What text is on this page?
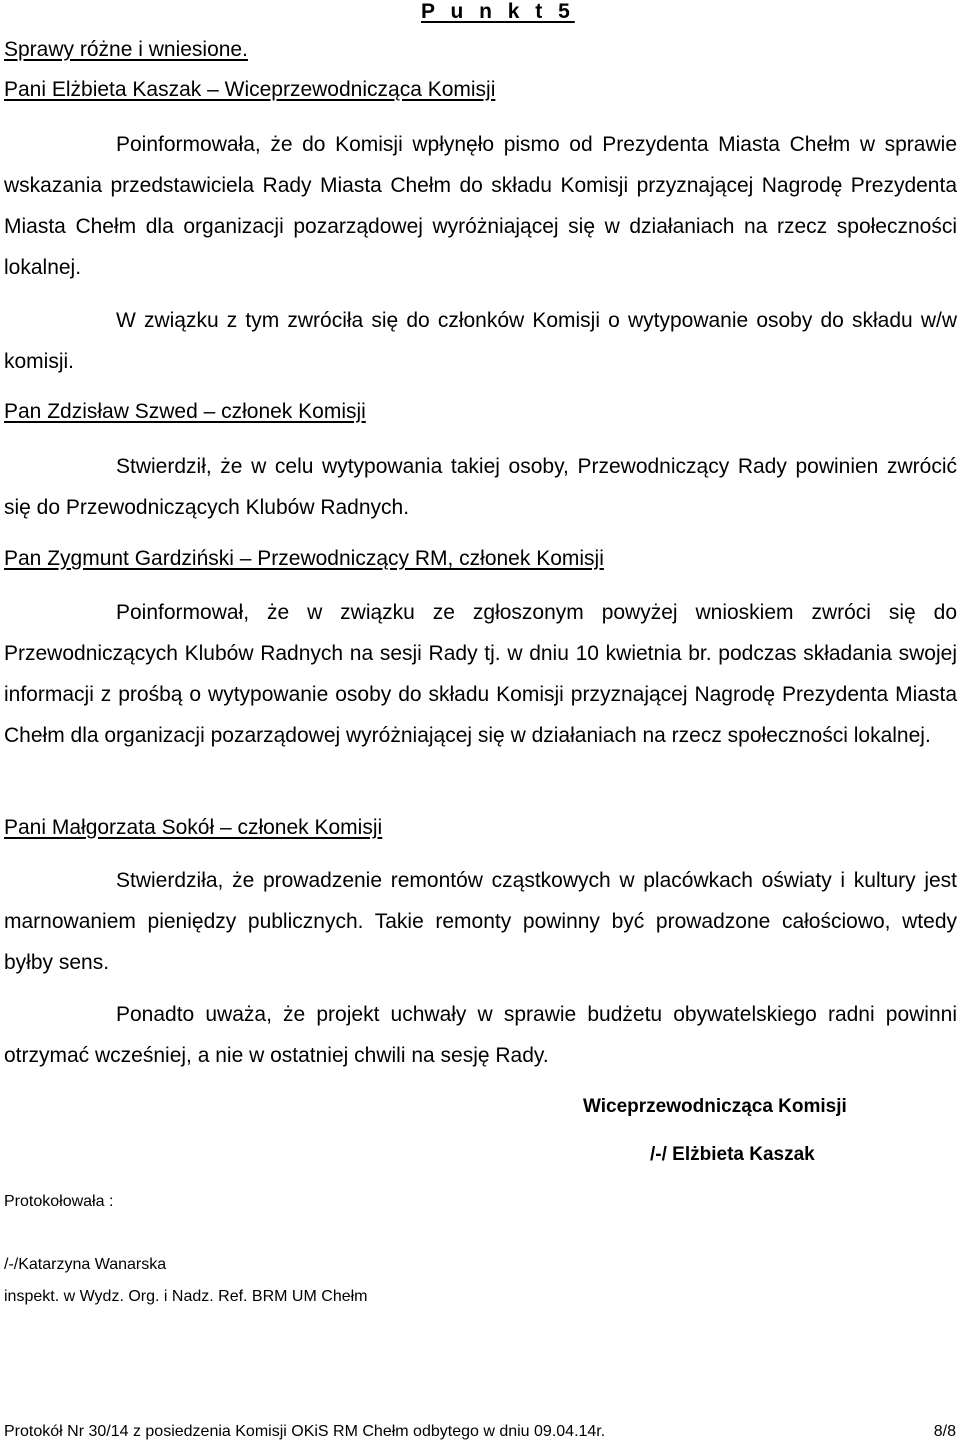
P u n k t 5
Sprawy różne i wniesione.
Pani Elżbieta Kaszak – Wiceprzewodnicząca Komisji

Poinformowała, że do Komisji wpłynęło pismo od Prezydenta Miasta Chełm w sprawie wskazania przedstawiciela Rady Miasta Chełm do składu Komisji przyznającej Nagrodę Prezydenta Miasta Chełm dla organizacji pozarządowej wyróżniającej się w działaniach na rzecz społeczności lokalnej.

W związku z tym zwróciła się do członków Komisji o wytypowanie osoby do składu w/w komisji.

Pan Zdzisław Szwed – członek Komisji

Stwierdził, że w celu wytypowania takiej osoby, Przewodniczący Rady powinien zwrócić się do Przewodniczących Klubów Radnych.

Pan Zygmunt Gardziński – Przewodniczący RM, członek Komisji

Poinformował, że w związku ze zgłoszonym powyżej wnioskiem zwróci się do Przewodniczących Klubów Radnych na sesji Rady tj. w dniu 10 kwietnia br. podczas składania swojej informacji z prośbą o wytypowanie osoby do składu Komisji przyznającej Nagrodę Prezydenta Miasta Chełm dla organizacji pozarządowej wyróżniającej się w działaniach na rzecz społeczności lokalnej.

Pani Małgorzata Sokół – członek Komisji

Stwierdziła, że prowadzenie remontów cząstkowych w placówkach oświaty i kultury jest marnowaniem pieniędzy publicznych. Takie remonty powinny być prowadzone całościowo, wtedy byłby sens.

Ponadto uważa, że projekt uchwały w sprawie budżetu obywatelskiego radni powinni otrzymać wcześniej, a nie w ostatniej chwili na sesję Rady.

Wiceprzewodnicząca Komisji
/-/ Elżbieta Kaszak
Protokołowała :
/-/Katarzyna Wanarska
inspekt. w Wydz. Org. i Nadz. Ref. BRM UM Chełm
Protokół Nr 30/14 z posiedzenia Komisji OKiS RM Chełm odbytego w dniu 09.04.14r.	8/8
